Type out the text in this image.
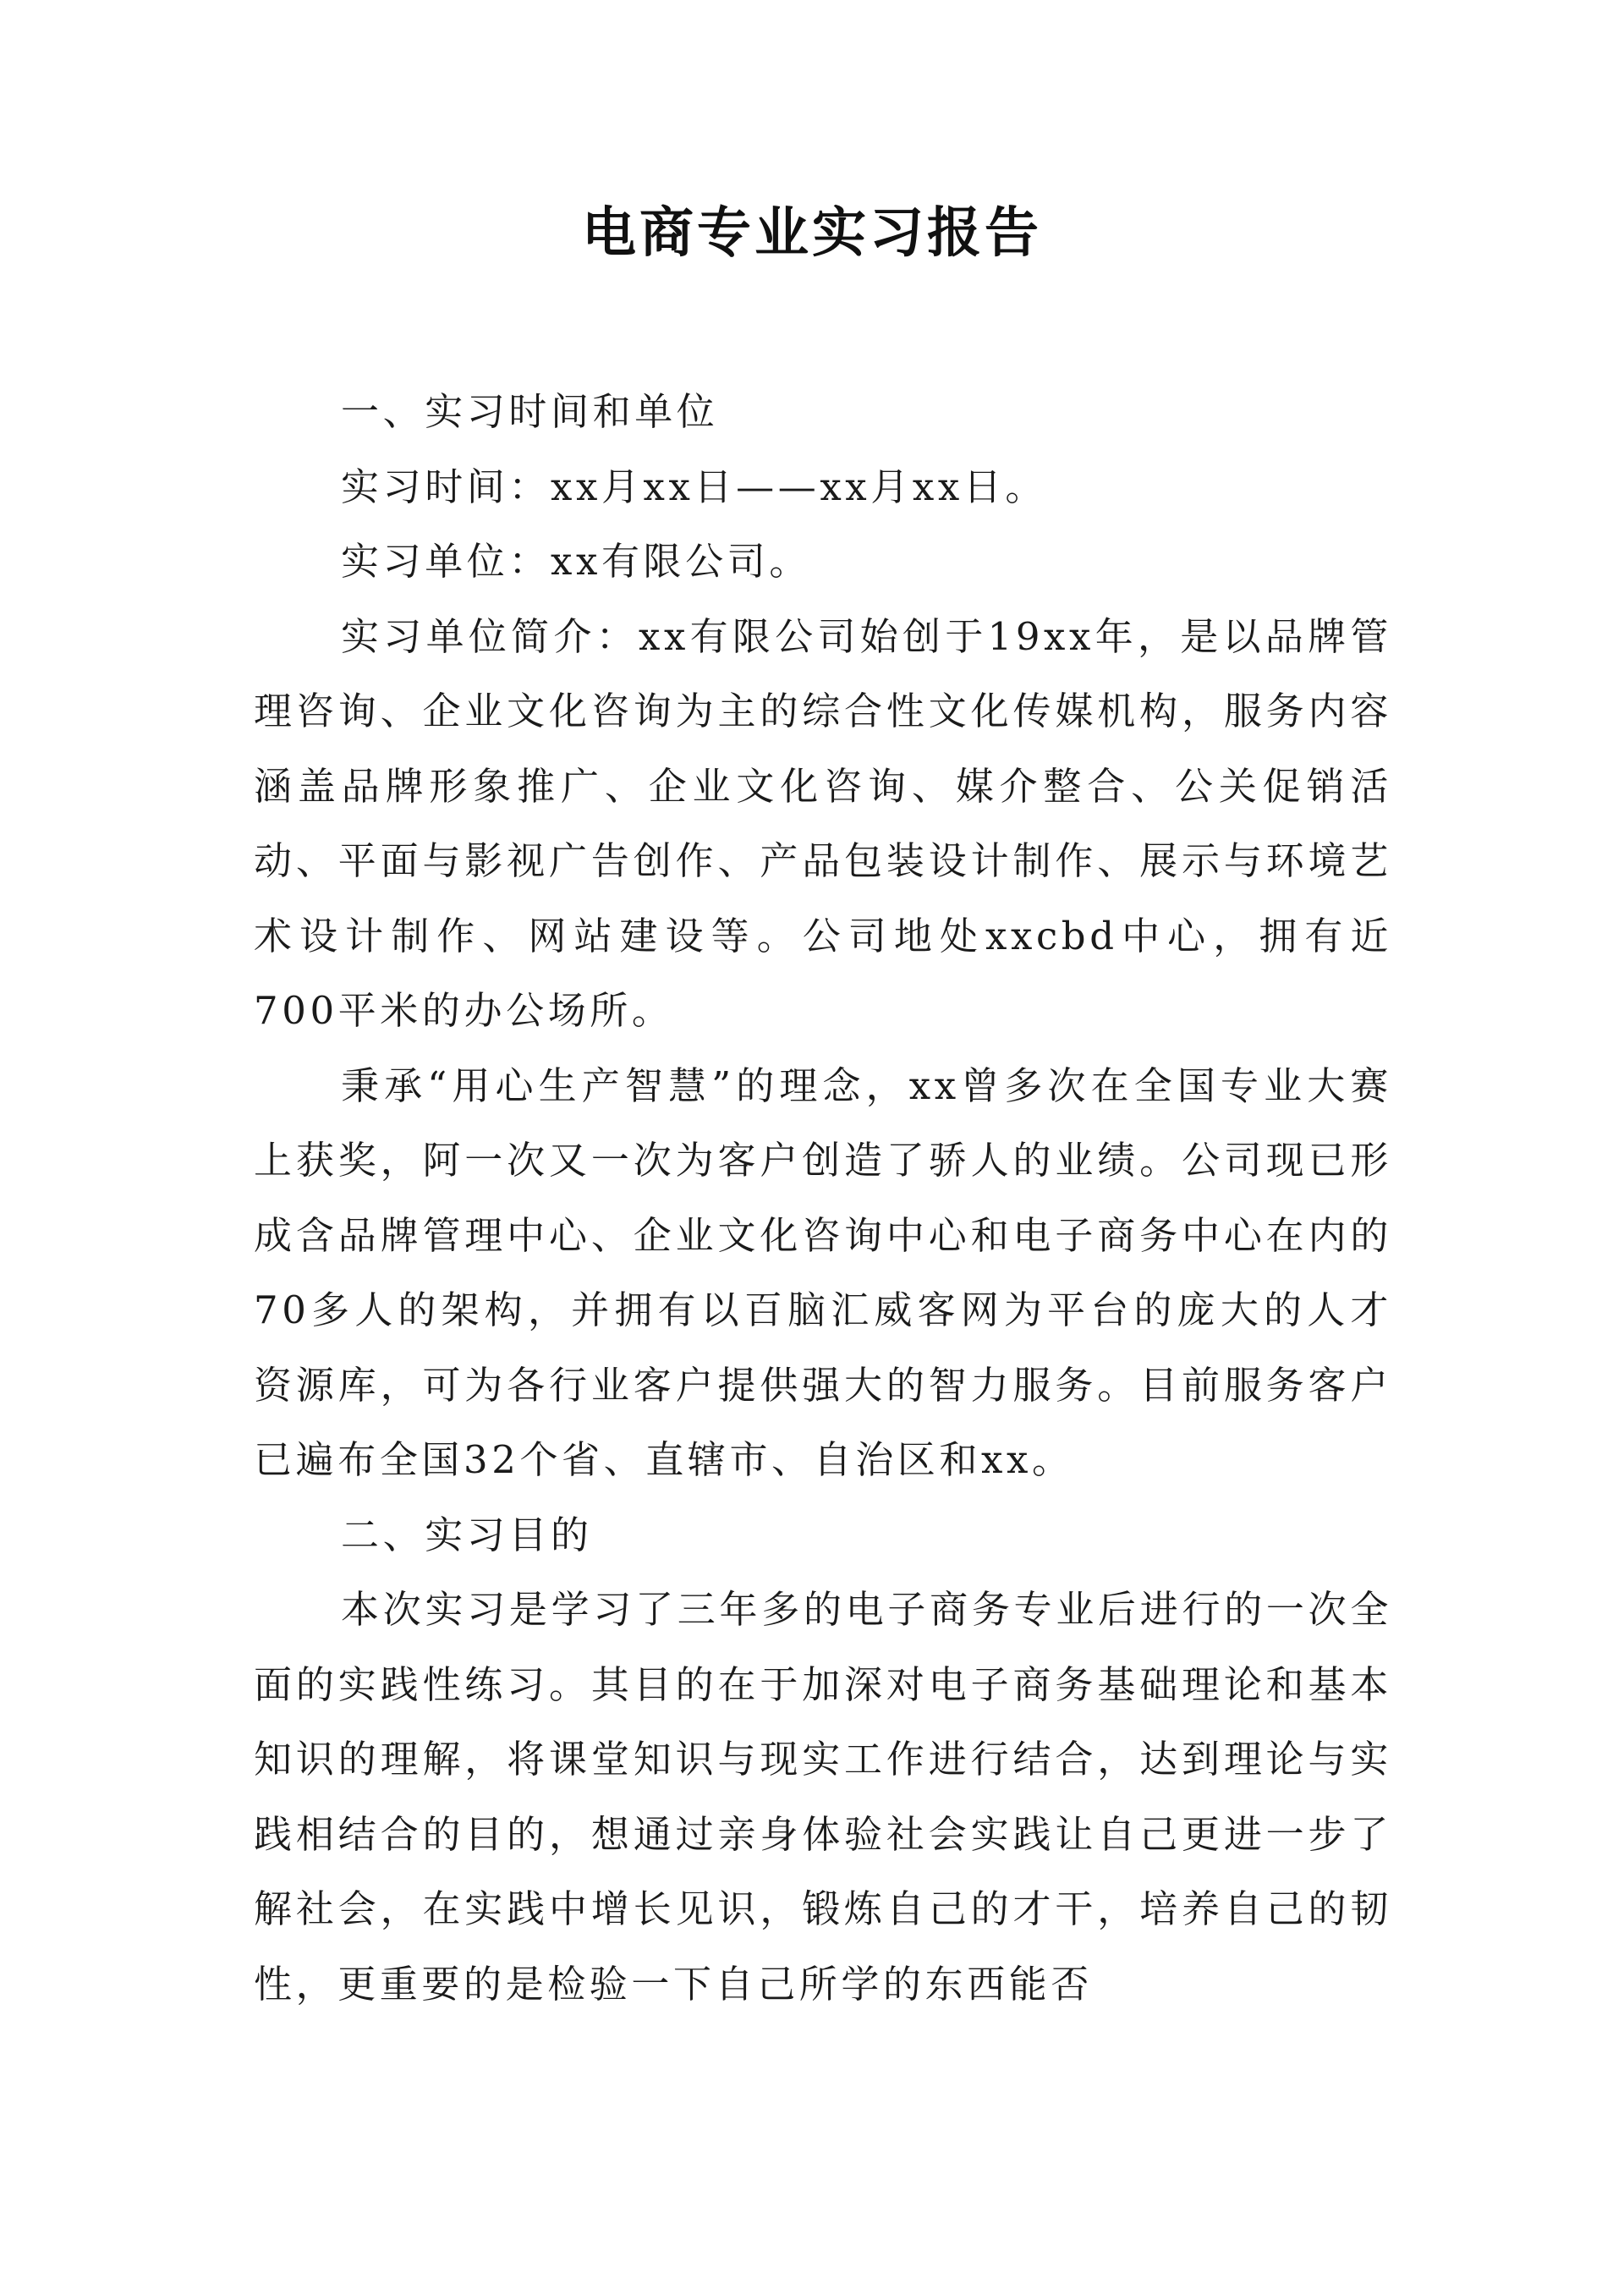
电商专业实习报告

一、实习时间和单位

实习时间：xx月xx日——xx月xx日。

实习单位：xx有限公司。

实习单位简介：xx有限公司始创于19xx年，是以品牌管理咨询、企业文化咨询为主的综合性文化传媒机构，服务内容涵盖品牌形象推广、企业文化咨询、媒介整合、公关促销活动、平面与影视广告创作、产品包装设计制作、展示与环境艺术设计制作、网站建设等。公司地处xxcbd中心，拥有近700平米的办公场所。

秉承“用心生产智慧”的理念，xx曾多次在全国专业大赛上获奖，阿一次又一次为客户创造了骄人的业绩。公司现已形成含品牌管理中心、企业文化咨询中心和电子商务中心在内的70多人的架构，并拥有以百脑汇威客网为平台的庞大的人才资源库，可为各行业客户提供强大的智力服务。目前服务客户已遍布全国32个省、直辖市、自治区和xx。

二、实习目的

本次实习是学习了三年多的电子商务专业后进行的一次全面的实践性练习。其目的在于加深对电子商务基础理论和基本知识的理解，将课堂知识与现实工作进行结合，达到理论与实践相结合的目的，想通过亲身体验社会实践让自己更进一步了解社会，在实践中增长见识，锻炼自己的才干，培养自己的韧性，更重要的是检验一下自己所学的东西能否
